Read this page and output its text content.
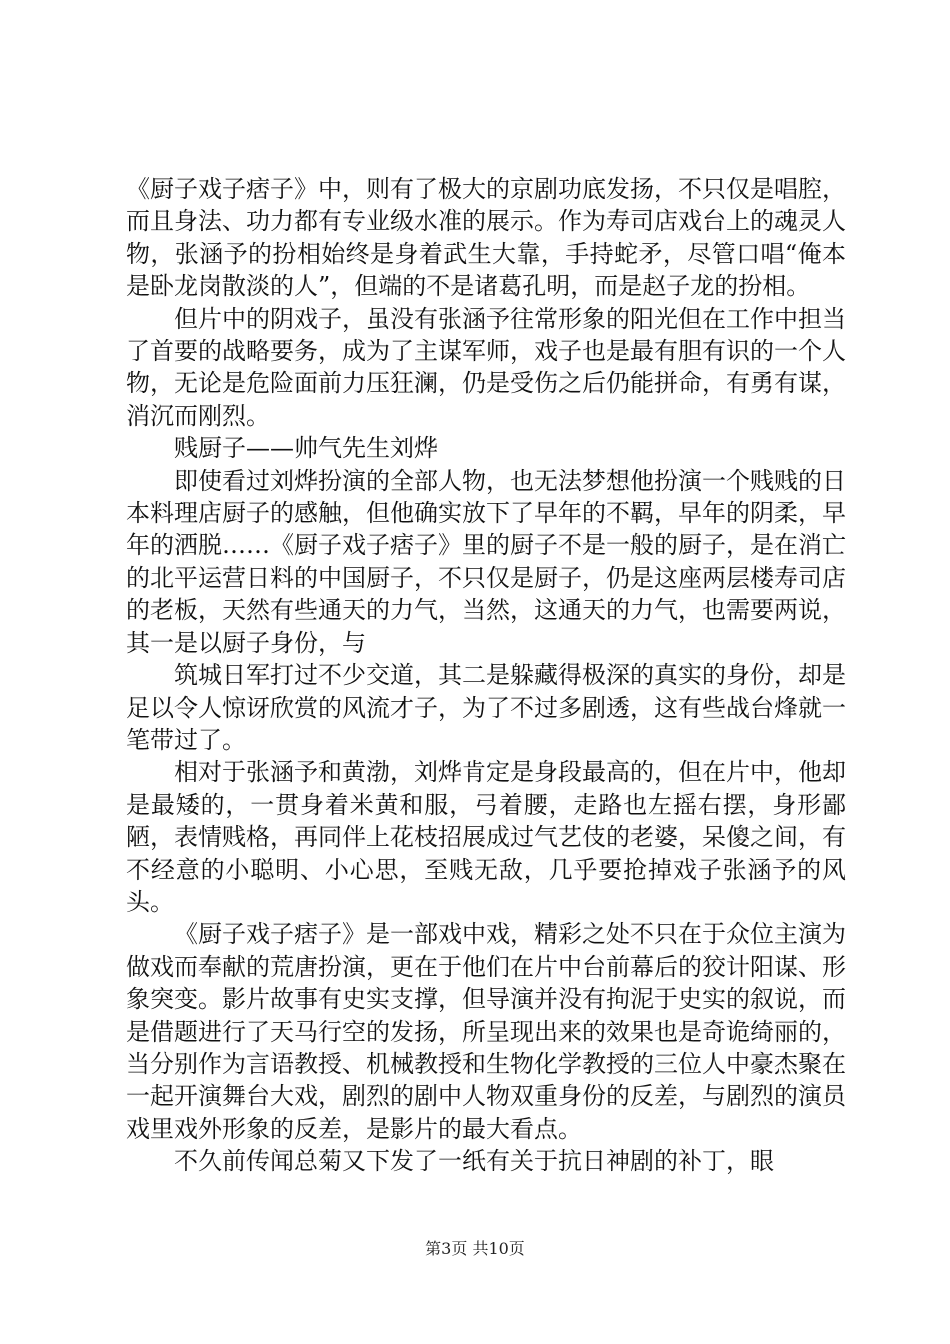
《厨子戏子痞子》中，则有了极大的京剧功底发扬，不只仅是唱腔，而且身法、功力都有专业级水准的展示。作为寿司店戏台上的魂灵人物，张涵予的扮相始终是身着武生大靠，手持蛇矛，尽管口唱“俺本是卧龙岗散淡的人”，但端的不是诸葛孔明，而是赵子龙的扮相。

但片中的阴戏子，虽没有张涵予往常形象的阳光但在工作中担当了首要的战略要务，成为了主谋军师，戏子也是最有胆有识的一个人物，无论是危险面前力压狂澜，仍是受伤之后仍能拼命，有勇有谋，消沉而刚烈。

贱厨子——帅气先生刘烨

即使看过刘烨扮演的全部人物，也无法梦想他扮演一个贱贱的日本料理店厨子的感触，但他确实放下了早年的不羁，早年的阴柔，早年的洒脱……《厨子戏子痞子》里的厨子不是一般的厨子，是在消亡的北平运营日料的中国厨子，不只仅是厨子，仍是这座两层楼寿司店的老板，天然有些通天的力气，当然，这通天的力气，也需要两说，其一是以厨子身份，与

筑城日军打过不少交道，其二是躲藏得极深的真实的身份，却是足以令人惊讶欣赏的风流才子，为了不过多剧透，这有些战台烽就一笔带过了。

相对于张涵予和黄渤，刘烨肯定是身段最高的，但在片中，他却是最矮的，一贯身着米黄和服，弓着腰，走路也左摇右摆，身形鄙陋，表情贱格，再同伴上花枝招展成过气艺伎的老婆，呆傻之间，有不经意的小聪明、小心思，至贱无敌，几乎要抢掉戏子张涵予的风头。

《厨子戏子痞子》是一部戏中戏，精彩之处不只在于众位主演为做戏而奉献的荒唐扮演，更在于他们在片中台前幕后的狡计阳谋、形象突变。影片故事有史实支撑，但导演并没有拘泥于史实的叙说，而是借题进行了天马行空的发扬，所呈现出来的效果也是奇诡绮丽的，当分别作为言语教授、机械教授和生物化学教授的三位人中豪杰聚在一起开演舞台大戏，剧烈的剧中人物双重身份的反差，与剧烈的演员戏里戏外形象的反差，是影片的最大看点。

不久前传闻总菊又下发了一纸有关于抗日神剧的补丁，眼

第3页 共10页
